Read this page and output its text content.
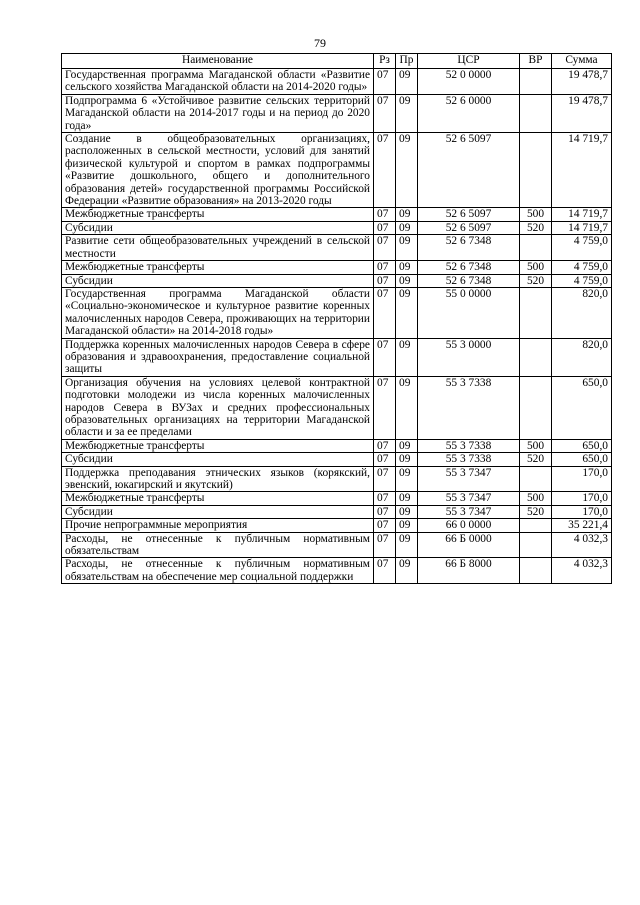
79
Наименование	Рз	Пр	ЦСР	ВР	Сумма
Государственная программа Магаданской области «Развитие сельского хозяйства Магаданской области на 2014-2020 годы»	07	09	52 0 0000		19 478,7
Подпрограмма 6 «Устойчивое развитие сельских территорий Магаданской области на 2014-2017 годы и на период до 2020 года»	07	09	52 6 0000		19 478,7
Создание в общеобразовательных организациях, расположенных в сельской местности, условий для занятий физической культурой и спортом в рамках подпрограммы «Развитие дошкольного, общего и дополнительного образования детей» государственной программы Российской Федерации «Развитие образования» на 2013-2020 годы	07	09	52 6 5097		14 719,7
Межбюджетные трансферты	07	09	52 6 5097	500	14 719,7
Субсидии	07	09	52 6 5097	520	14 719,7
Развитие сети общеобразовательных учреждений в сельской местности	07	09	52 6 7348		4 759,0
Межбюджетные трансферты	07	09	52 6 7348	500	4 759,0
Субсидии	07	09	52 6 7348	520	4 759,0
Государственная программа Магаданской области «Социально-экономическое и культурное развитие коренных малочисленных народов Севера, проживающих на территории Магаданской области» на 2014-2018 годы»	07	09	55 0 0000		820,0
Поддержка коренных малочисленных народов Севера в сфере образования и здравоохранения, предоставление социальной защиты	07	09	55 3 0000		820,0
Организация обучения на условиях целевой контрактной подготовки молодежи из числа коренных малочисленных народов Севера в ВУЗах и средних профессиональных образовательных организациях на территории Магаданской области и за ее пределами	07	09	55 3 7338		650,0
Межбюджетные трансферты	07	09	55 3 7338	500	650,0
Субсидии	07	09	55 3 7338	520	650,0
Поддержка преподавания этнических языков (корякский, эвенский, юкагирский и якутский)	07	09	55 3 7347		170,0
Межбюджетные трансферты	07	09	55 3 7347	500	170,0
Субсидии	07	09	55 3 7347	520	170,0
Прочие непрограммные мероприятия	07	09	66 0 0000		35 221,4
Расходы, не отнесенные к публичным нормативным обязательствам	07	09	66 Б 0000		4 032,3
Расходы, не отнесенные к публичным нормативным обязательствам на обеспечение мер социальной поддержки	07	09	66 Б 8000		4 032,3
